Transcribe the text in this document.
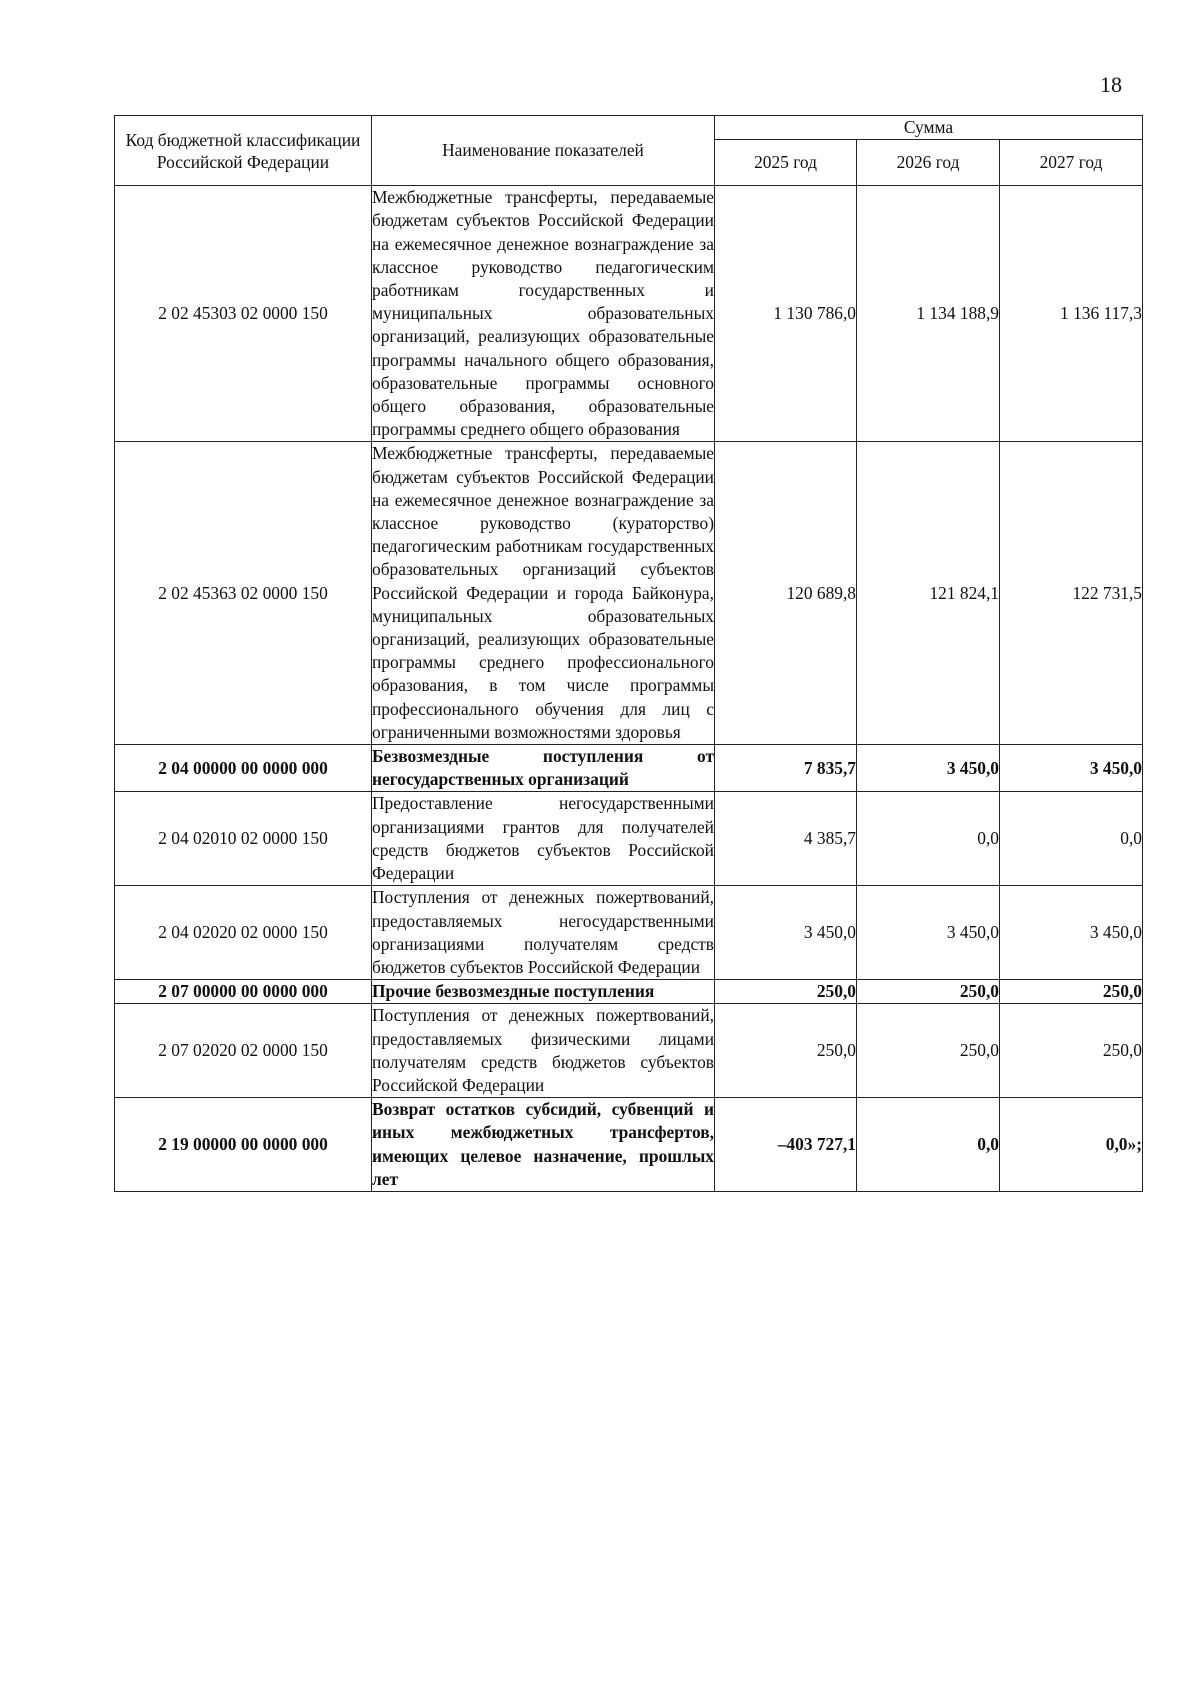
18
Код бюджетной классификации Российской Федерации	Наименование показателей	Сумма		
		2025 год	2026 год	2027 год
2 02 45303 02 0000 150	Межбюджетные трансферты, передаваемые бюджетам субъектов Российской Федерации на ежемесячное денежное вознаграждение за классное руководство педагогическим работникам государственных и муниципальных образовательных организаций, реализующих образовательные программы начального общего образования, образовательные программы основного общего образования, образовательные программы среднего общего образования	1 130 786,0	1 134 188,9	1 136 117,3
2 02 45363 02 0000 150	Межбюджетные трансферты, передаваемые бюджетам субъектов Российской Федерации на ежемесячное денежное вознаграждение за классное руководство (кураторство) педагогическим работникам государственных образовательных организаций субъектов Российской Федерации и города Байконура, муниципальных образовательных организаций, реализующих образовательные программы среднего профессионального образования, в том числе программы профессионального обучения для лиц с ограниченными возможностями здоровья	120 689,8	121 824,1	122 731,5
2 04 00000 00 0000 000	Безвозмездные поступления от негосударственных организаций	7 835,7	3 450,0	3 450,0
2 04 02010 02 0000 150	Предоставление негосударственными организациями грантов для получателей средств бюджетов субъектов Российской Федерации	4 385,7	0,0	0,0
2 04 02020 02 0000 150	Поступления от денежных пожертвований, предоставляемых негосударственными организациями получателям средств бюджетов субъектов Российской Федерации	3 450,0	3 450,0	3 450,0
2 07 00000 00 0000 000	Прочие безвозмездные поступления	250,0	250,0	250,0
2 07 02020 02 0000 150	Поступления от денежных пожертвований, предоставляемых физическими лицами получателям средств бюджетов субъектов Российской Федерации	250,0	250,0	250,0
2 19 00000 00 0000 000	Возврат остатков субсидий, субвенций и иных межбюджетных трансфертов, имеющих целевое назначение, прошлых лет	–403 727,1	0,0	0,0»;
